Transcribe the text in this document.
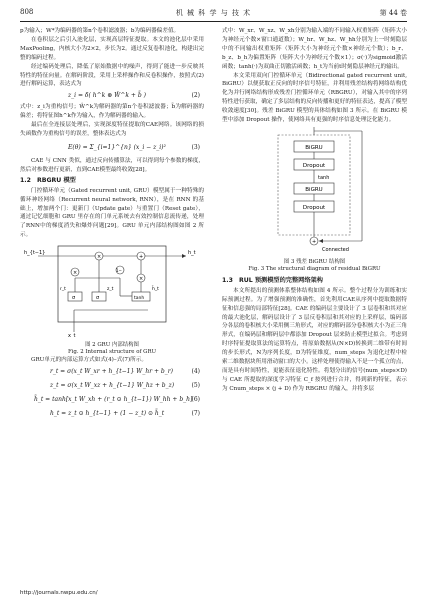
808	机 械 科 学 与 技 术	第 44 卷

p为输入；W*为编码器的第n个卷积滤波器；b为编码器偏差值。

在卷积层之后引入池化层，实现高层特征提取。本文的池化层中采用 MaxPooling，内核大小为2×2，步长为2。通过反复卷积池化，构建出完整的编码过程。

经过编码处理后，降低了原始数据中的噪声，得到了能进一步反映其特性的特征向量。在解码阶段，采用上采样操作和反卷积操作，按照式(2)进行解码运算，表达式为

z_i = δ( h^k ⊛ Ŵ^k + b̃ )	(2)

式中：z_i为重构信号；Ŵ^k为解码器的第n个卷积滤波器；b̃为解码器的偏差；将特征图h^k作为输入，作为解码器的输入。

最后在全连接层处理后，实现深度特征提取的CAE网络。该网络的损失函数作为重构信号的误差，整体表达式为

E(θ) = Σ_{i=1}^{n} (x_i − z_i)²	(3)

CAE 与 CNN 类似，通过反向传播算法，可以得到每个参数的梯度，然后对参数进行更新，直到CAE模型最终收敛[28]。

1.2 RBGRU 模型

门控循环单元（Gated recurrent unit, GRU）模型属于一种特殊的循环神经网络（Recurrent neural network, RNN），是在 RNN 的基础上，增加两个门：更新门（Update gate）与重置门（Reset gate），通过记忆细胞和 GRU 里存在的门单元系统去有效控制信息流传递，处理了RNN中的梯度消失和爆炸问题[29]。GRU 单元内部结构图如图 2 所示。

h_{t−1}	h_t
x_t
r_t	z_t	h̃_t
σ	σ	tanh
1−
×
×
×
+
图 2 GRU 内部结构图
Fig. 2 Internal structure of GRU

GRU单元的内部运算方式如式(4)–式(7)所示。

r_t = σ(x_t W_xr + h_{t−1} W_hr + b_r)	(4)
z_t = σ(x_t W_xz + h_{t−1} W_hz + b_z)	(5)
h̃_t = tanh[x_t W_xh + (r_t ⊙ h_{t−1}) W_hh + b_h] (6)
h_t = z_t ⊙ h_{t−1} + (1 − z_t) ⊙ h̃_t	(7)

式中：W_xr、W_xz、W_xh分别为输入端的不同输入权重矩阵（矩阵大小为神经元个数×窗口通道数）；W_hr、W_hz、W_hh分别为上一时刻隐层中的不同输出权重矩阵（矩阵大小为神经元个数×神经元个数）；b_r、b_z、b_h为偏置矩阵（矩阵大小为神经元个数×1）；σ(·)为sigmoid激活函数；tanh(·)为双曲正切激活函数；h_t为当前t时刻隐层神经元的输出。

本文采用双向门控循环单元（Bidirectional gated recurrent unit, BiGRU）以便获取正反向的时序信号特征，并利用残差结构将网络结构优化为并行网络结构形成残差门控循环单元（RBGRU），对输入其中的序列特性进行获取，确定了多层结构的反向传播和更好的特征表达，提高了模型收敛速度[30]。残差 BiGRU 模型的具体结构如图 3 所示。在 BiGRU 模型中添加 Dropout 操作，使网络具有更强的时序信息处理泛化能力。

BiGRU
Dropout
tanh
BiGRU
Dropout
+
Connected
图 3 残差 BiGRU 结构图
Fig. 3 The structural diagram of residual BiGRU
1.3 RUL 预测模型的完整网络架构

本文所提出的预测体系整体结构如图 4 所示。整个过程分为训练和实际预测过程。为了增强预测的准确性，首先利用CAE从序列中提取数据特征和信息强的局部特征[28]。CAE 的编码层主要设计了 3 层卷积和其对应的最大池化层，解码层设计了 3 层反卷积层和其对应的上采样层，编码部分各层的卷积核大小采用侧三角形式，对应的解码部分卷积核大小为正三角形式，在编码层和解码层中都添加 Dropout 层来防止模型过拟合。考虑到时序特征提取算法的运算特点，将原始数据从(N×D)转换到二维带有时间的步长形式，N为序列长度，D为特征维度，num_steps 为退化过程中检索二维数据块所用滑动窗口的大小。这样处理使得输入不是一个孤立的点，而是具有时间特性，更能表征退化特性。将划分出的信号(num_steps×D)与 CAE 所提取的深度学习特征 C_f 按列进行合并，得到新的特征，表示为 Cnum_steps × (j + D) 作为 RBGRU 的输入，并将多层

http://journals.nwpu.edu.cn/
